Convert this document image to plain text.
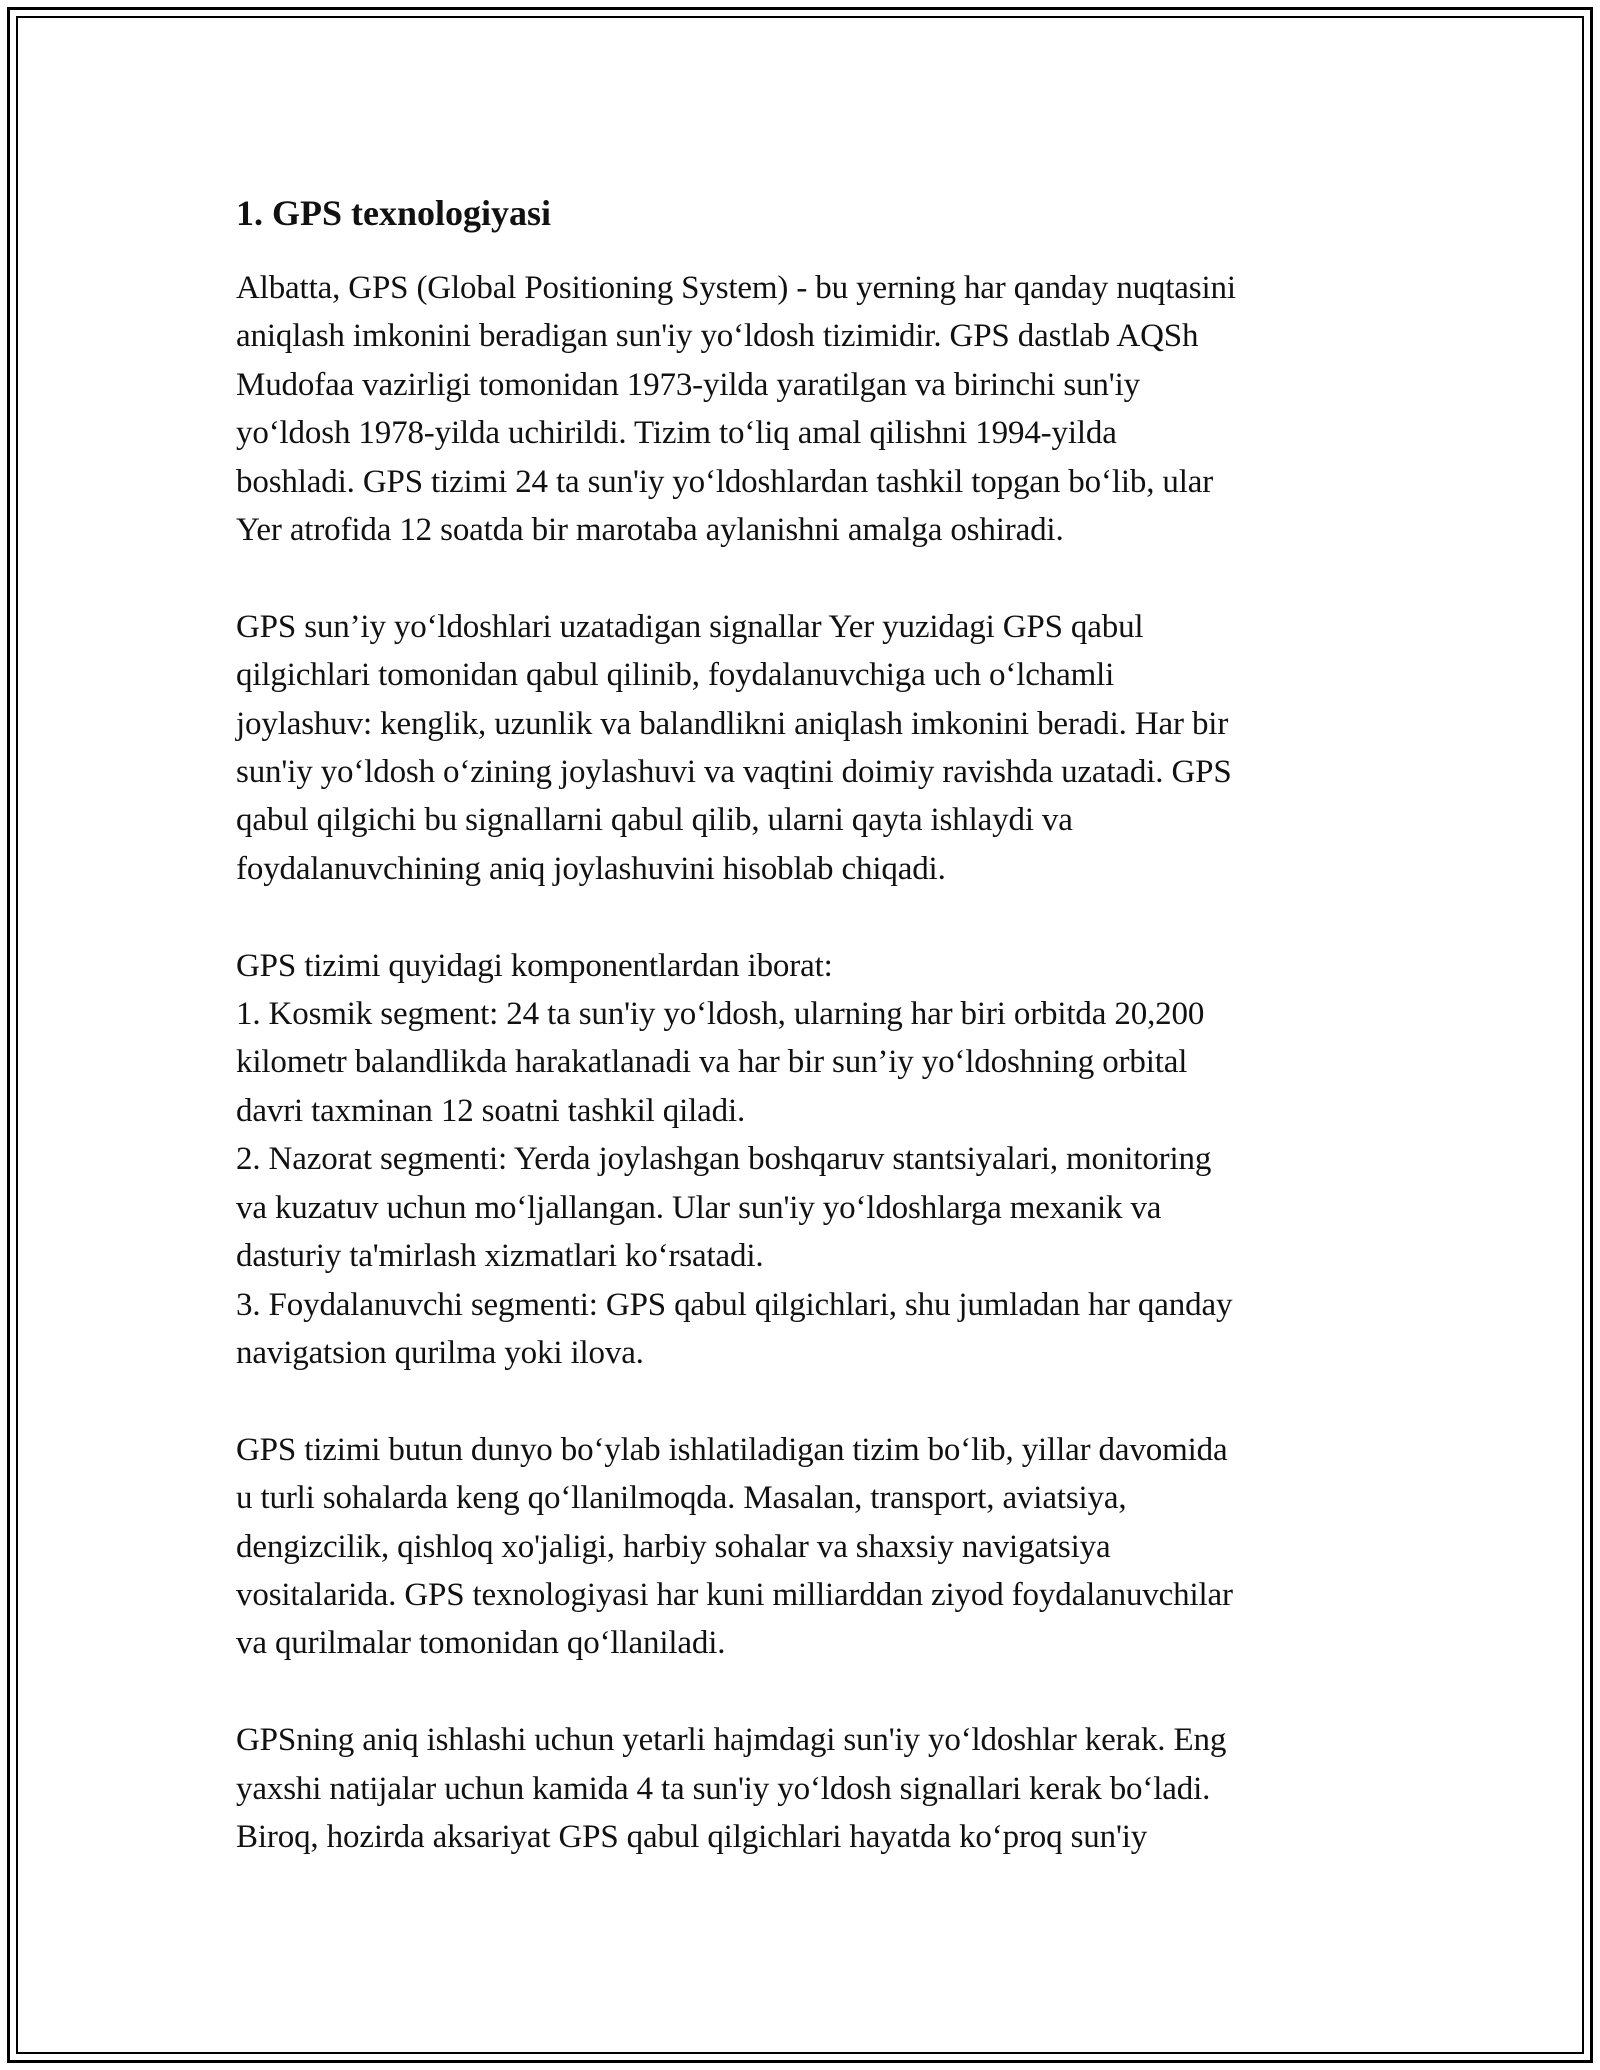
1. GPS texnologiyasi

Albatta, GPS (Global Positioning System) - bu yerning har qanday nuqtasini
aniqlash imkonini beradigan sun'iy yo‘ldosh tizimidir. GPS dastlab AQSh
Mudofaa vazirligi tomonidan 1973-yilda yaratilgan va birinchi sun'iy
yo‘ldosh 1978-yilda uchirildi. Tizim to‘liq amal qilishni 1994-yilda
boshladi. GPS tizimi 24 ta sun'iy yo‘ldoshlardan tashkil topgan bo‘lib, ular
Yer atrofida 12 soatda bir marotaba aylanishni amalga oshiradi.

GPS sun’iy yo‘ldoshlari uzatadigan signallar Yer yuzidagi GPS qabul
qilgichlari tomonidan qabul qilinib, foydalanuvchiga uch o‘lchamli
joylashuv: kenglik, uzunlik va balandlikni aniqlash imkonini beradi. Har bir
sun'iy yo‘ldosh o‘zining joylashuvi va vaqtini doimiy ravishda uzatadi. GPS
qabul qilgichi bu signallarni qabul qilib, ularni qayta ishlaydi va
foydalanuvchining aniq joylashuvini hisoblab chiqadi.

GPS tizimi quyidagi komponentlardan iborat:
1. Kosmik segment: 24 ta sun'iy yo‘ldosh, ularning har biri orbitda 20,200
kilometr balandlikda harakatlanadi va har bir sun’iy yo‘ldoshning orbital
davri taxminan 12 soatni tashkil qiladi.
2. Nazorat segmenti: Yerda joylashgan boshqaruv stantsiyalari, monitoring
va kuzatuv uchun mo‘ljallangan. Ular sun'iy yo‘ldoshlarga mexanik va
dasturiy ta'mirlash xizmatlari ko‘rsatadi.
3. Foydalanuvchi segmenti: GPS qabul qilgichlari, shu jumladan har qanday
navigatsion qurilma yoki ilova.

GPS tizimi butun dunyo bo‘ylab ishlatiladigan tizim bo‘lib, yillar davomida
u turli sohalarda keng qo‘llanilmoqda. Masalan, transport, aviatsiya,
dengizcilik, qishloq xo'jaligi, harbiy sohalar va shaxsiy navigatsiya
vositalarida. GPS texnologiyasi har kuni milliarddan ziyod foydalanuvchilar
va qurilmalar tomonidan qo‘llaniladi.

GPSning aniq ishlashi uchun yetarli hajmdagi sun'iy yo‘ldoshlar kerak. Eng
yaxshi natijalar uchun kamida 4 ta sun'iy yo‘ldosh signallari kerak bo‘ladi.
Biroq, hozirda aksariyat GPS qabul qilgichlari hayatda ko‘proq sun'iy
